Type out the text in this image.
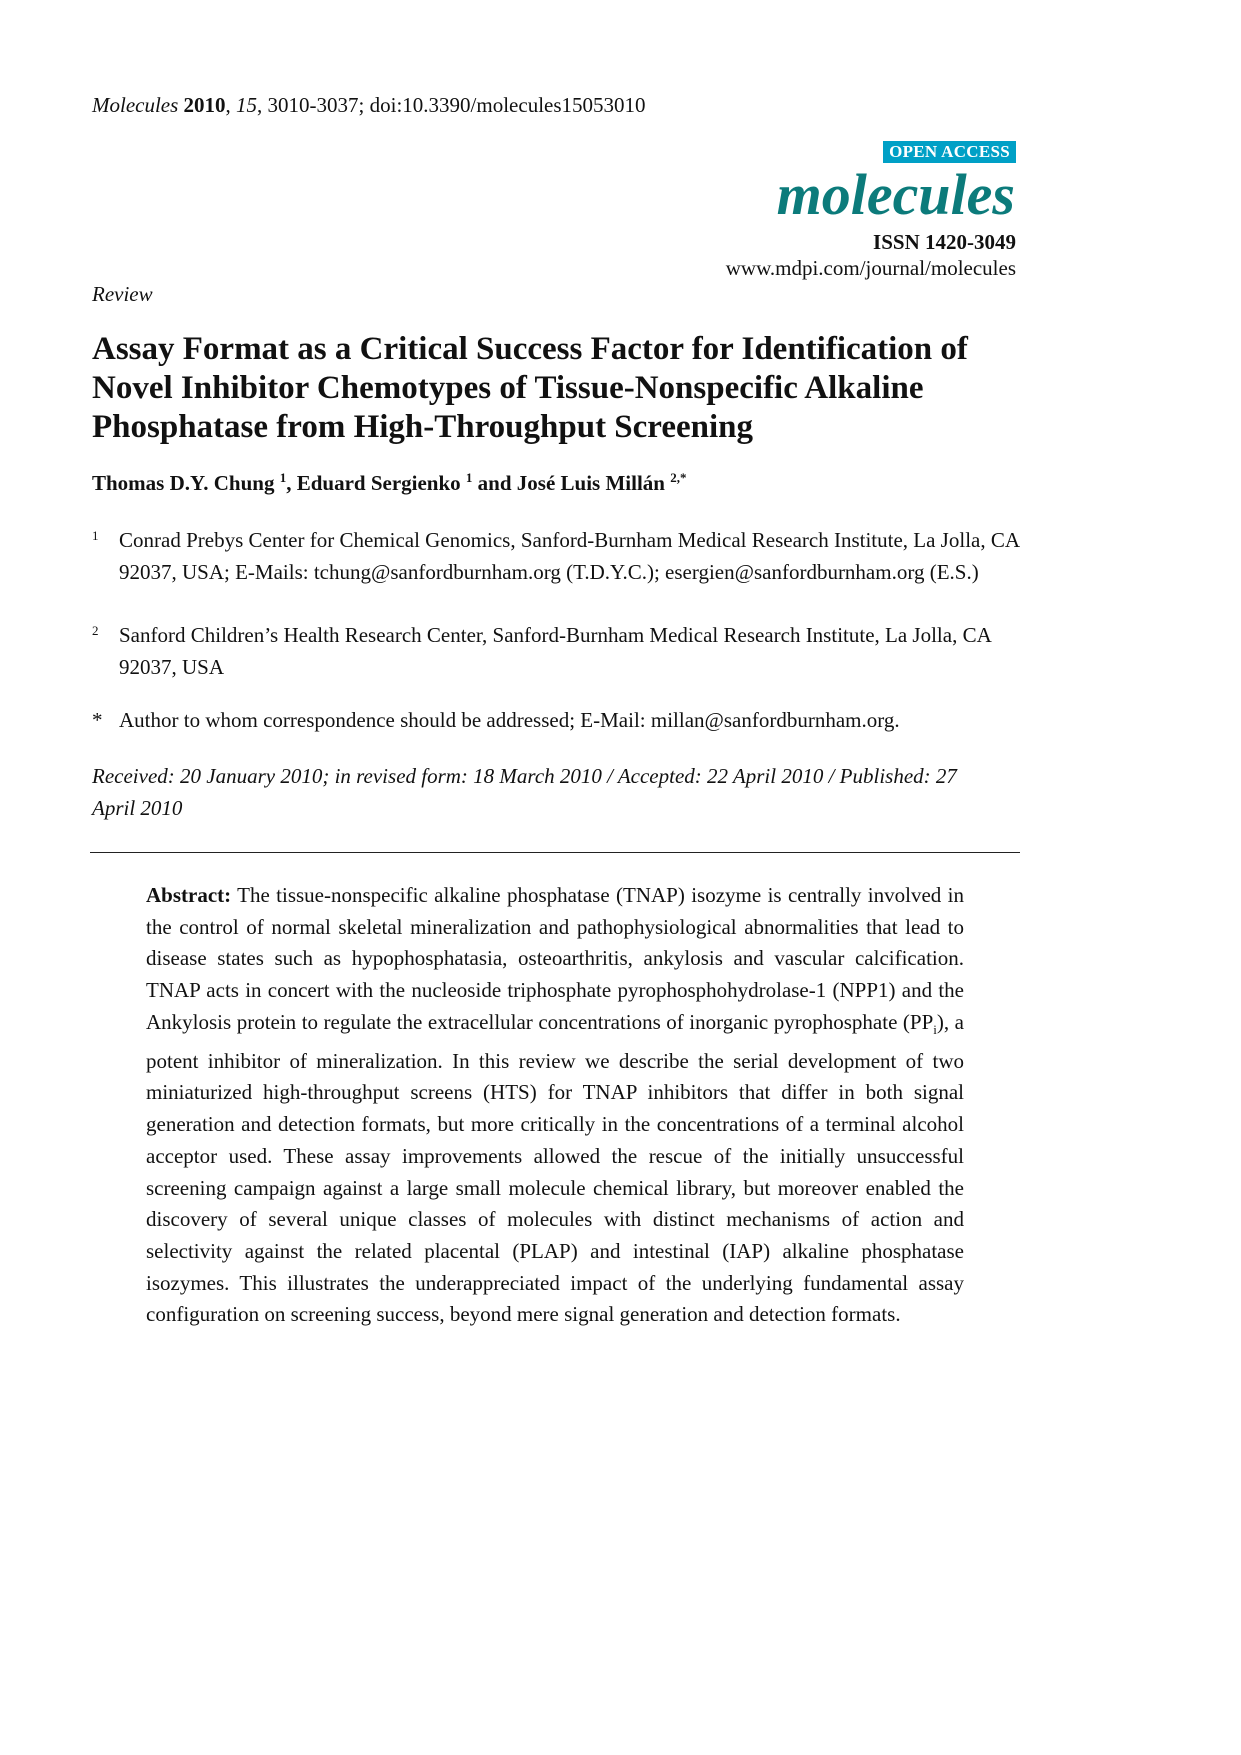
Molecules 2010, 15, 3010-3037; doi:10.3390/molecules15053010
OPEN ACCESS
molecules
ISSN 1420-3049
www.mdpi.com/journal/molecules
Review
Assay Format as a Critical Success Factor for Identification of Novel Inhibitor Chemotypes of Tissue-Nonspecific Alkaline Phosphatase from High-Throughput Screening
Thomas D.Y. Chung $^1$, Eduard Sergienko $^1$ and José Luis Millán $^{2,*}$
1 Conrad Prebys Center for Chemical Genomics, Sanford-Burnham Medical Research Institute, La Jolla, CA 92037, USA; E-Mails: tchung@sanfordburnham.org (T.D.Y.C.); esergien@sanfordburnham.org (E.S.)
2 Sanford Children’s Health Research Center, Sanford-Burnham Medical Research Institute, La Jolla, CA 92037, USA
* Author to whom correspondence should be addressed; E-Mail: millan@sanfordburnham.org.
Received: 20 January 2010; in revised form: 18 March 2010 / Accepted: 22 April 2010 / Published: 27 April 2010

Abstract: The tissue-nonspecific alkaline phosphatase (TNAP) isozyme is centrally involved in the control of normal skeletal mineralization and pathophysiological abnormalities that lead to disease states such as hypophosphatasia, osteoarthritis, ankylosis and vascular calcification. TNAP acts in concert with the nucleoside triphosphate pyrophosphohydrolase-1 (NPP1) and the Ankylosis protein to regulate the extracellular concentrations of inorganic pyrophosphate $(PP_i)$, a potent inhibitor of mineralization. In this review we describe the serial development of two miniaturized high-throughput screens (HTS) for TNAP inhibitors that differ in both signal generation and detection formats, but more critically in the concentrations of a terminal alcohol acceptor used. These assay improvements allowed the rescue of the initially unsuccessful screening campaign against a large small molecule chemical library, but moreover enabled the discovery of several unique classes of molecules with distinct mechanisms of action and selectivity against the related placental (PLAP) and intestinal (IAP) alkaline phosphatase isozymes. This illustrates the underappreciated impact of the underlying fundamental assay configuration on screening success, beyond mere signal generation and detection formats.
